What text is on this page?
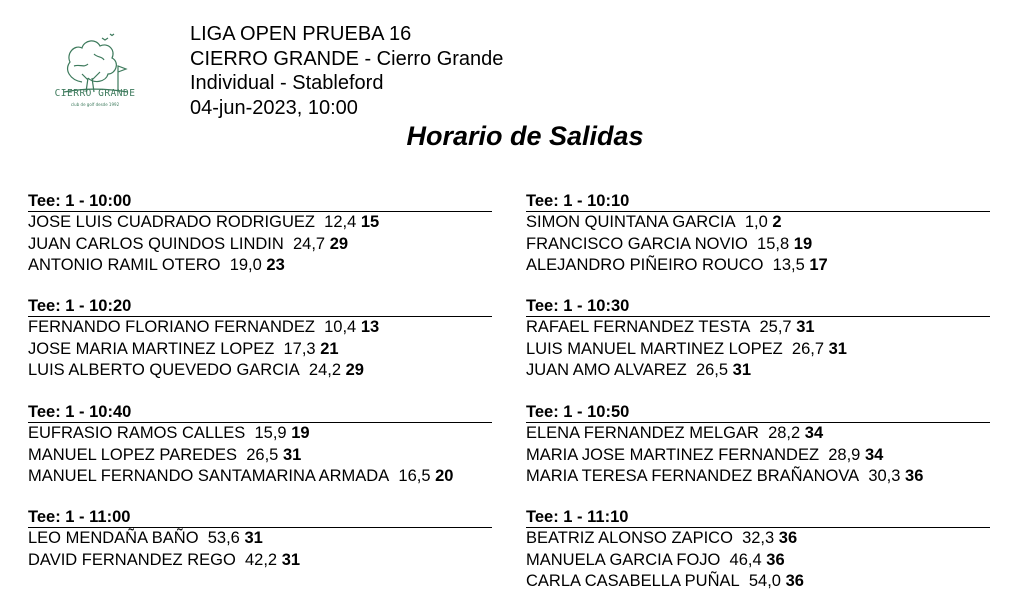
CIERRO GRANDE
club de golf desde 1992
LIGA OPEN PRUEBA 16
CIERRO GRANDE - Cierro Grande
Individual - Stableford
04-jun-2023, 10:00
Horario de Salidas
Tee: 1 - 10:00
JOSE LUIS CUADRADO RODRIGUEZ 12,4 15
JUAN CARLOS QUINDOS LINDIN 24,7 29
ANTONIO RAMIL OTERO 19,0 23
Tee: 1 - 10:20
FERNANDO FLORIANO FERNANDEZ 10,4 13
JOSE MARIA MARTINEZ LOPEZ 17,3 21
LUIS ALBERTO QUEVEDO GARCIA 24,2 29
Tee: 1 - 10:40
EUFRASIO RAMOS CALLES 15,9 19
MANUEL LOPEZ PAREDES 26,5 31
MANUEL FERNANDO SANTAMARINA ARMADA 16,5 20
Tee: 1 - 11:00
LEO MENDAÑA BAÑO 53,6 31
DAVID FERNANDEZ REGO 42,2 31
Tee: 1 - 10:10
SIMON QUINTANA GARCIA 1,0 2
FRANCISCO GARCIA NOVIO 15,8 19
ALEJANDRO PIÑEIRO ROUCO 13,5 17
Tee: 1 - 10:30
RAFAEL FERNANDEZ TESTA 25,7 31
LUIS MANUEL MARTINEZ LOPEZ 26,7 31
JUAN AMO ALVAREZ 26,5 31
Tee: 1 - 10:50
ELENA FERNANDEZ MELGAR 28,2 34
MARIA JOSE MARTINEZ FERNANDEZ 28,9 34
MARIA TERESA FERNANDEZ BRAÑANOVA 30,3 36
Tee: 1 - 11:10
BEATRIZ ALONSO ZAPICO 32,3 36
MANUELA GARCIA FOJO 46,4 36
CARLA CASABELLA PUÑAL 54,0 36
